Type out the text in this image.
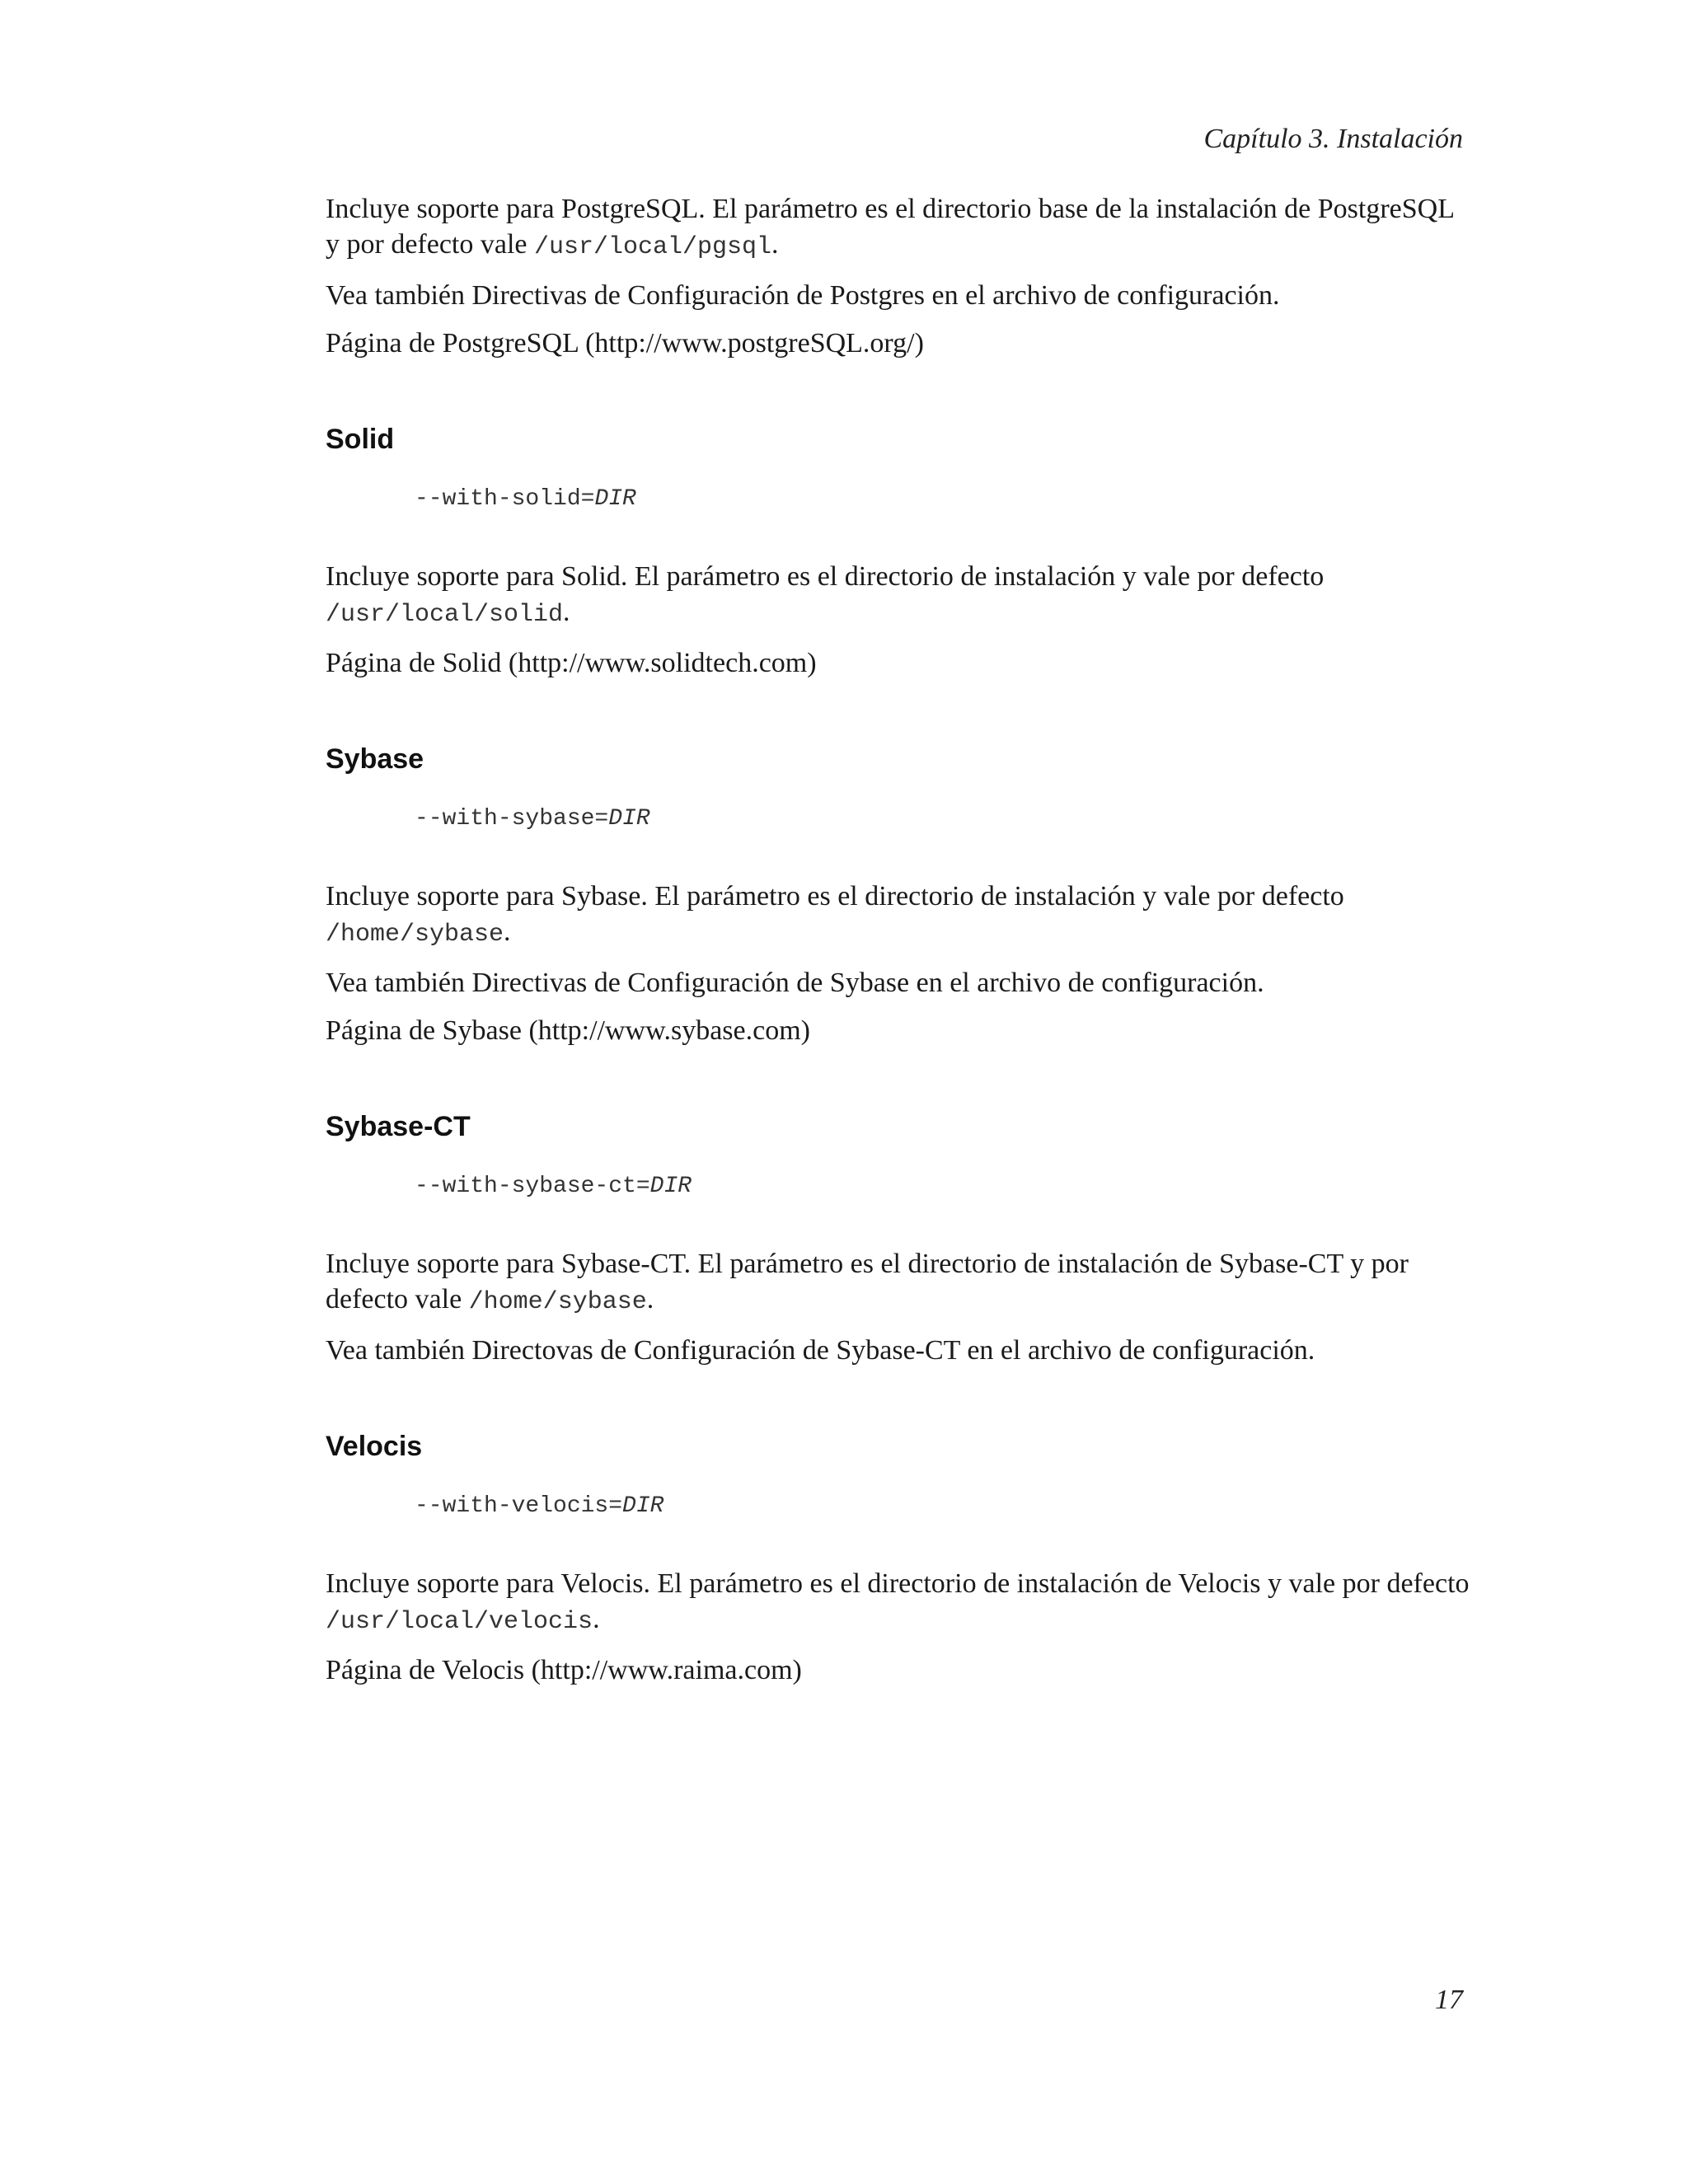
Capítulo 3. Instalación

Incluye soporte para PostgreSQL. El parámetro es el directorio base de la instalación de PostgreSQL y por defecto vale /usr/local/pgsql.

Vea también Directivas de Configuración de Postgres en el archivo de configuración.

Página de PostgreSQL (http://www.postgreSQL.org/)

Solid
--with-solid=DIR

Incluye soporte para Solid. El parámetro es el directorio de instalación y vale por defecto /usr/local/solid.

Página de Solid (http://www.solidtech.com)

Sybase
--with-sybase=DIR

Incluye soporte para Sybase. El parámetro es el directorio de instalación y vale por defecto /home/sybase.

Vea también Directivas de Configuración de Sybase en el archivo de configuración.

Página de Sybase (http://www.sybase.com)

Sybase-CT
--with-sybase-ct=DIR

Incluye soporte para Sybase-CT. El parámetro es el directorio de instalación de Sybase-CT y por defecto vale /home/sybase.

Vea también Directovas de Configuración de Sybase-CT en el archivo de configuración.

Velocis
--with-velocis=DIR

Incluye soporte para Velocis. El parámetro es el directorio de instalación de Velocis y vale por defecto /usr/local/velocis.

Página de Velocis (http://www.raima.com)

17
